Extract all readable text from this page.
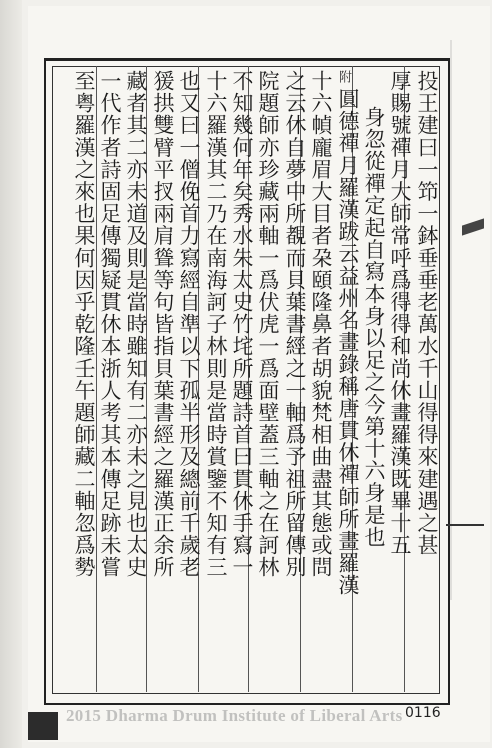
投王建曰一笻一鉢垂垂老萬水千山得得來建遇之甚
厚賜號禪月大師常呼爲得得和尚休畫羅漢既畢十五
身忽從禪定起自寫本身以足之今第十六身是也
附
圓德禪月羅漢跋云益州名畫錄稱唐貫休禪師所畫羅漢
十六幀龐眉大目者朶頤隆鼻者胡貌梵相曲盡其態或問
之云休自夢中所覩而貝葉書經之一軸爲予祖所留傳別
院題師亦珍藏兩軸一爲伏虎一爲面壁蓋三軸之在訶林
不知幾何年矣秀水朱太史竹垞所題詩首曰貫休手寫一
十六羅漢其二乃在南海訶子林則是當時賞鑒不知有三
也又曰一僧俛首力寫經自準以下孤半形及總前千歲老
猨拱雙臂平扠兩肩聳等句皆指貝葉書經之羅漢正余所
藏者其二亦未道及則是當時雖知有二亦未之見也太史
一代作者詩固足傳獨疑貫休本浙人考其本傳足跡未嘗
至粤羅漢之來也果何因乎乾隆壬午題師藏二軸忽爲勢
2015 Dharma Drum Institute of Liberal Arts 0116
